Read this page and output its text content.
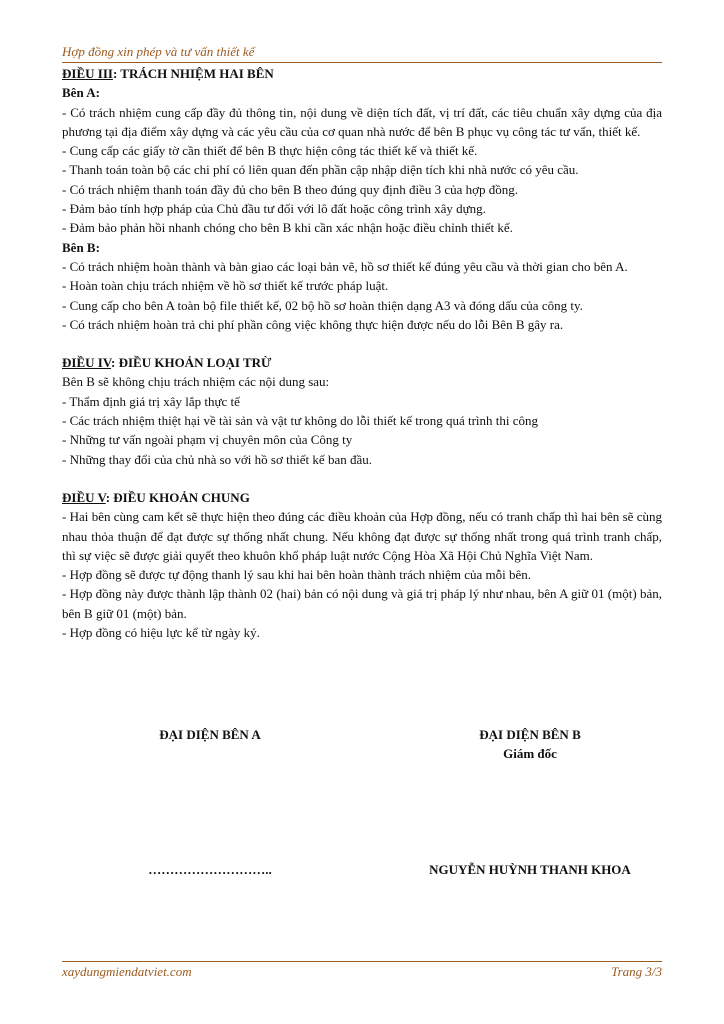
Hợp đồng xin phép và tư vấn thiết kế

ĐIỀU III: TRÁCH NHIỆM HAI BÊN

Bên A:

- Có trách nhiệm cung cấp đầy đủ thông tin, nội dung về diện tích đất, vị trí đất, các tiêu chuẩn xây dựng của địa phương tại địa điểm xây dựng và các yêu cầu của cơ quan nhà nước để bên B phục vụ công tác tư vấn, thiết kế.

- Cung cấp các giấy tờ cần thiết để bên B thực hiện công tác thiết kế và thiết kế.

- Thanh toán toàn bộ các chi phí có liên quan đến phần cập nhập diện tích khi nhà nước có yêu cầu.

- Có trách nhiệm thanh toán đầy đủ cho bên B theo đúng quy định điều 3 của hợp đồng.

- Đảm bảo tính hợp pháp của Chủ đầu tư đối với lô đất hoặc công trình xây dựng.

- Đảm bảo phản hồi nhanh chóng cho bên B khi cần xác nhận hoặc điều chỉnh thiết kế.

Bên B:

- Có trách nhiệm hoàn thành và bàn giao các loại bản vẽ, hồ sơ thiết kế đúng yêu cầu và thời gian cho bên A.

- Hoàn toàn chịu trách nhiệm về hồ sơ thiết kế trước pháp luật.

- Cung cấp cho bên A toàn bộ file thiết kế, 02 bộ hồ sơ hoàn thiện dạng A3 và đóng dấu của công ty.

- Có trách nhiệm hoàn trả chi phí phần công việc không thực hiện được nếu do lỗi Bên B gây ra.

ĐIỀU IV: ĐIỀU KHOẢN LOẠI TRỪ

Bên B sẽ không chịu trách nhiệm các nội dung sau:

- Thẩm định giá trị xây lắp thực tế

- Các trách nhiệm thiệt hại về tài sản và vật tư không do lỗi thiết kế trong quá trình thi công

- Những tư vấn ngoài phạm vị chuyên môn của Công ty

- Những thay đổi của chủ nhà so với hồ sơ thiết kế ban đầu.

ĐIỀU V: ĐIỀU KHOẢN CHUNG

- Hai bên cùng cam kết sẽ thực hiện theo đúng các điều khoản của Hợp đồng, nếu có tranh chấp thì hai bên sẽ cùng nhau thỏa thuận để đạt được sự thống nhất chung. Nếu không đạt được sự thống nhất trong quá trình tranh chấp, thì sự việc sẽ được giải quyết theo khuôn khổ pháp luật nước Cộng Hòa Xã Hội Chủ Nghĩa Việt Nam.

- Hợp đồng sẽ được tự động thanh lý sau khi hai bên hoàn thành trách nhiệm của mỗi bên.

- Hợp đồng này được thành lập thành 02 (hai) bản có nội dung và giá trị pháp lý như nhau, bên A giữ 01 (một) bản, bên B giữ 01 (một) bản.

- Hợp đồng có hiệu lực kể từ ngày ký.

ĐẠI DIỆN BÊN A	ĐẠI DIỆN BÊN B
Giám đốc
………………………..	NGUYỄN HUỲNH THANH KHOA
xaydungmiendatviet.com	Trang 3/3
